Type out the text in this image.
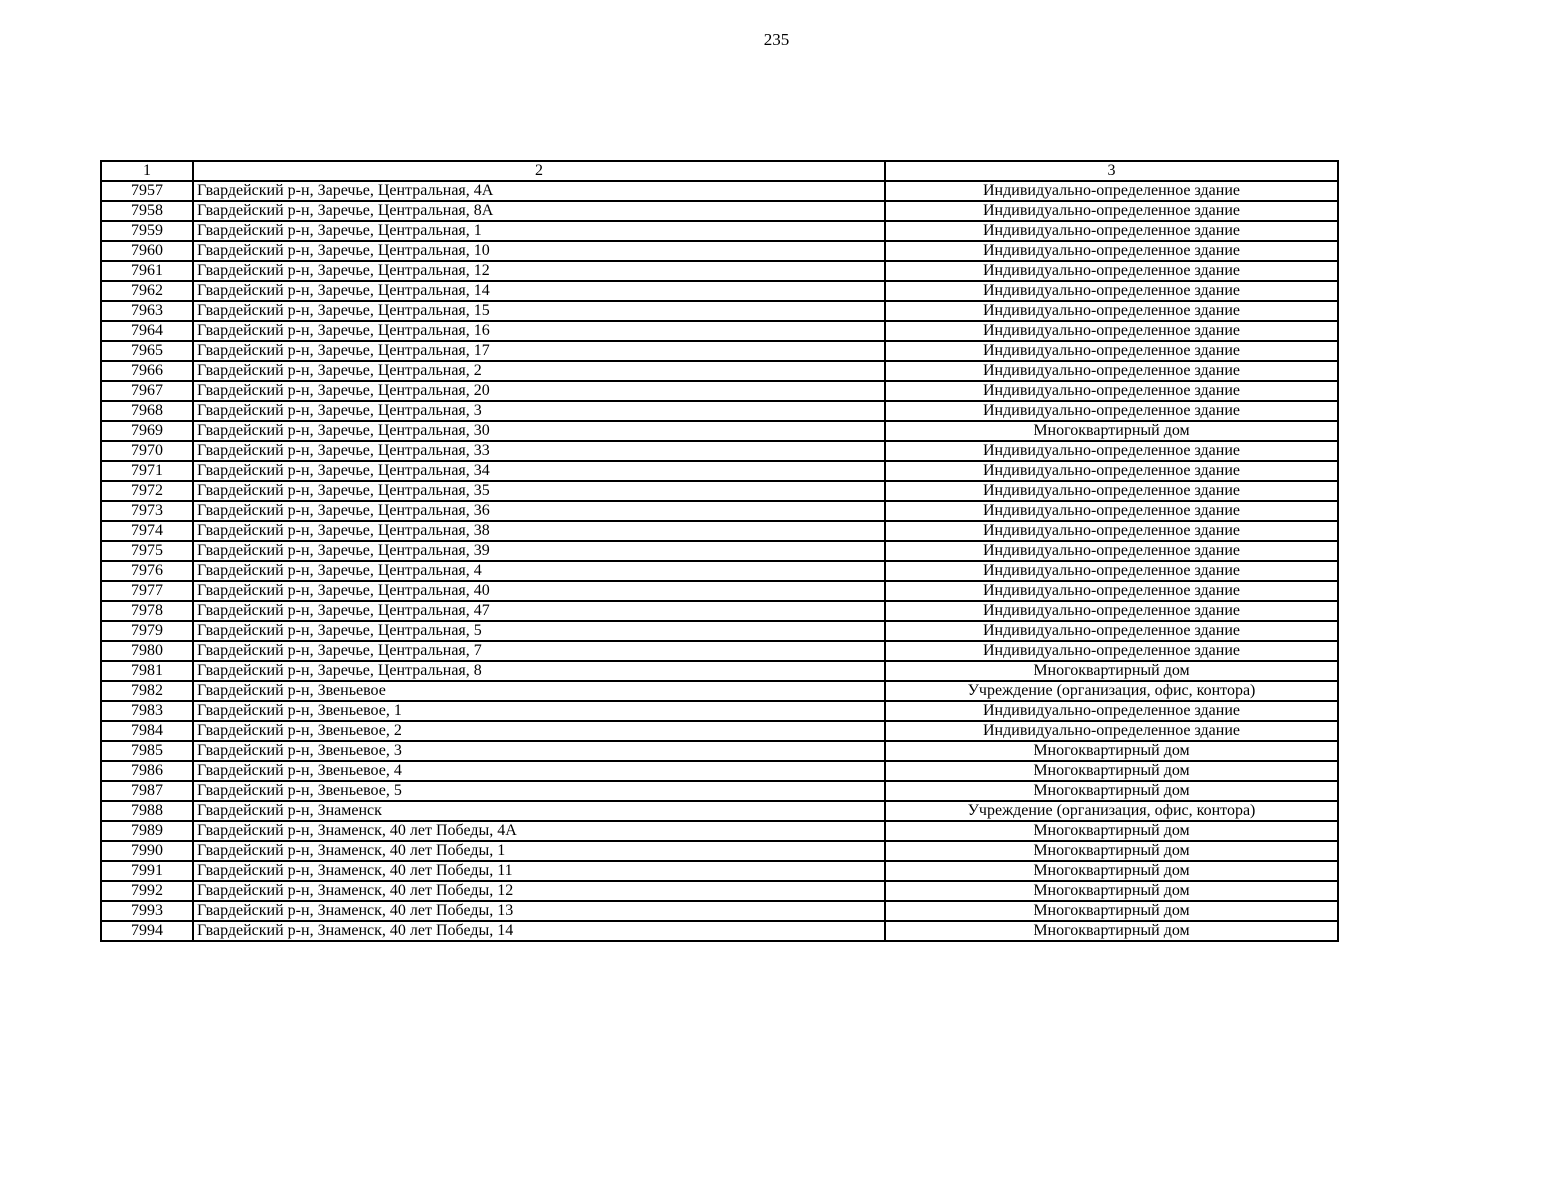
235
1	2	3
7957	Гвардейский р-н, Заречье, Центральная, 4А	Индивидуально-определенное здание
7958	Гвардейский р-н, Заречье, Центральная, 8А	Индивидуально-определенное здание
7959	Гвардейский р-н, Заречье, Центральная, 1	Индивидуально-определенное здание
7960	Гвардейский р-н, Заречье, Центральная, 10	Индивидуально-определенное здание
7961	Гвардейский р-н, Заречье, Центральная, 12	Индивидуально-определенное здание
7962	Гвардейский р-н, Заречье, Центральная, 14	Индивидуально-определенное здание
7963	Гвардейский р-н, Заречье, Центральная, 15	Индивидуально-определенное здание
7964	Гвардейский р-н, Заречье, Центральная, 16	Индивидуально-определенное здание
7965	Гвардейский р-н, Заречье, Центральная, 17	Индивидуально-определенное здание
7966	Гвардейский р-н, Заречье, Центральная, 2	Индивидуально-определенное здание
7967	Гвардейский р-н, Заречье, Центральная, 20	Индивидуально-определенное здание
7968	Гвардейский р-н, Заречье, Центральная, 3	Индивидуально-определенное здание
7969	Гвардейский р-н, Заречье, Центральная, 30	Многоквартирный дом
7970	Гвардейский р-н, Заречье, Центральная, 33	Индивидуально-определенное здание
7971	Гвардейский р-н, Заречье, Центральная, 34	Индивидуально-определенное здание
7972	Гвардейский р-н, Заречье, Центральная, 35	Индивидуально-определенное здание
7973	Гвардейский р-н, Заречье, Центральная, 36	Индивидуально-определенное здание
7974	Гвардейский р-н, Заречье, Центральная, 38	Индивидуально-определенное здание
7975	Гвардейский р-н, Заречье, Центральная, 39	Индивидуально-определенное здание
7976	Гвардейский р-н, Заречье, Центральная, 4	Индивидуально-определенное здание
7977	Гвардейский р-н, Заречье, Центральная, 40	Индивидуально-определенное здание
7978	Гвардейский р-н, Заречье, Центральная, 47	Индивидуально-определенное здание
7979	Гвардейский р-н, Заречье, Центральная, 5	Индивидуально-определенное здание
7980	Гвардейский р-н, Заречье, Центральная, 7	Индивидуально-определенное здание
7981	Гвардейский р-н, Заречье, Центральная, 8	Многоквартирный дом
7982	Гвардейский р-н, Звеньевое	Учреждение (организация, офис, контора)
7983	Гвардейский р-н, Звеньевое, 1	Индивидуально-определенное здание
7984	Гвардейский р-н, Звеньевое, 2	Индивидуально-определенное здание
7985	Гвардейский р-н, Звеньевое, 3	Многоквартирный дом
7986	Гвардейский р-н, Звеньевое, 4	Многоквартирный дом
7987	Гвардейский р-н, Звеньевое, 5	Многоквартирный дом
7988	Гвардейский р-н, Знаменск	Учреждение (организация, офис, контора)
7989	Гвардейский р-н, Знаменск, 40 лет Победы, 4А	Многоквартирный дом
7990	Гвардейский р-н, Знаменск, 40 лет Победы, 1	Многоквартирный дом
7991	Гвардейский р-н, Знаменск, 40 лет Победы, 11	Многоквартирный дом
7992	Гвардейский р-н, Знаменск, 40 лет Победы, 12	Многоквартирный дом
7993	Гвардейский р-н, Знаменск, 40 лет Победы, 13	Многоквартирный дом
7994	Гвардейский р-н, Знаменск, 40 лет Победы, 14	Многоквартирный дом
